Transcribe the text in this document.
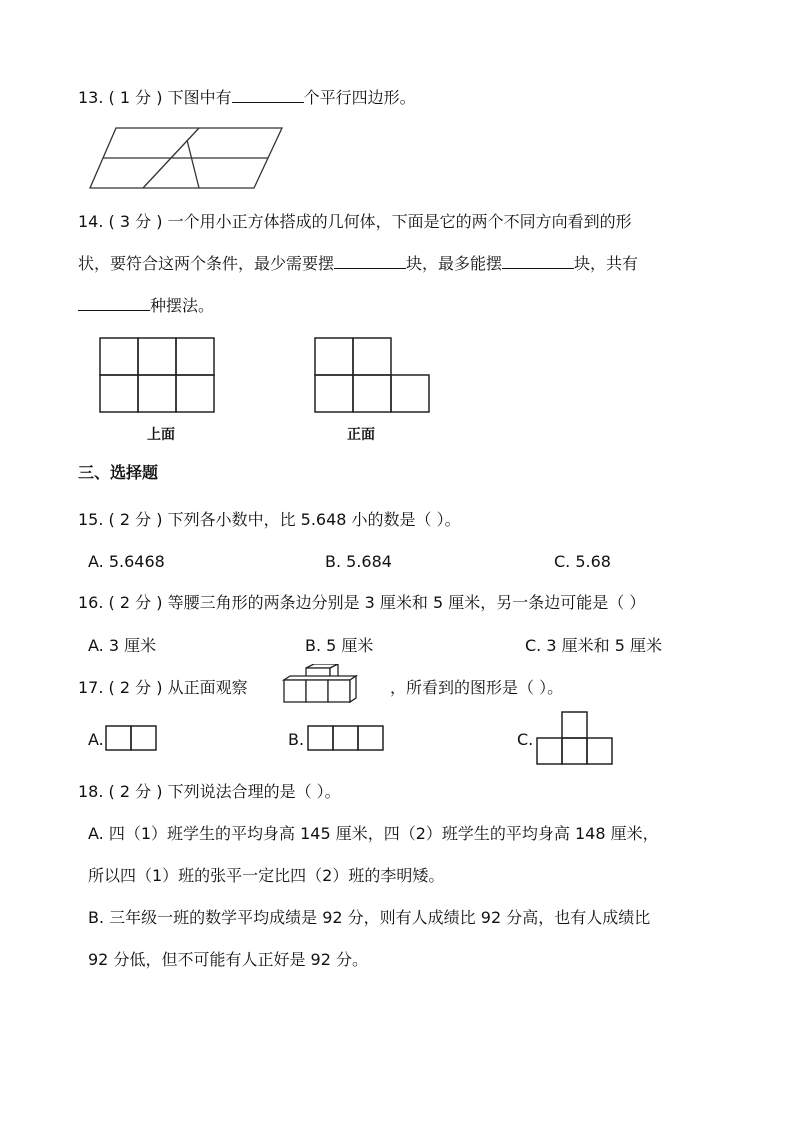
13. ( 1 分 ) 下图中有	个平行四边形。
14. ( 3 分 ) 一个用小正方体搭成的几何体，下面是它的两个不同方向看到的形
状，要符合这两个条件，最少需要摆	块，最多能摆	块，共有
种摆法。
上面	正面
三、选择题
15. ( 2 分 ) 下列各小数中，比 5.648 小的数是（ ）。
A. 5.6468	B. 5.684	C. 5.68
16. ( 2 分 ) 等腰三角形的两条边分别是 3 厘米和 5 厘米，另一条边可能是（ ）
A. 3 厘米	B. 5 厘米	C. 3 厘米和 5 厘米
17. ( 2 分 ) 从正面观察	，所看到的图形是（ ）。
A.	B.	C.
18. ( 2 分 ) 下列说法合理的是（ ）。
A. 四（1）班学生的平均身高 145 厘米，四（2）班学生的平均身高 148 厘米，
所以四（1）班的张平一定比四（2）班的李明矮。
B. 三年级一班的数学平均成绩是 92 分，则有人成绩比 92 分高，也有人成绩比
92 分低，但不可能有人正好是 92 分。
